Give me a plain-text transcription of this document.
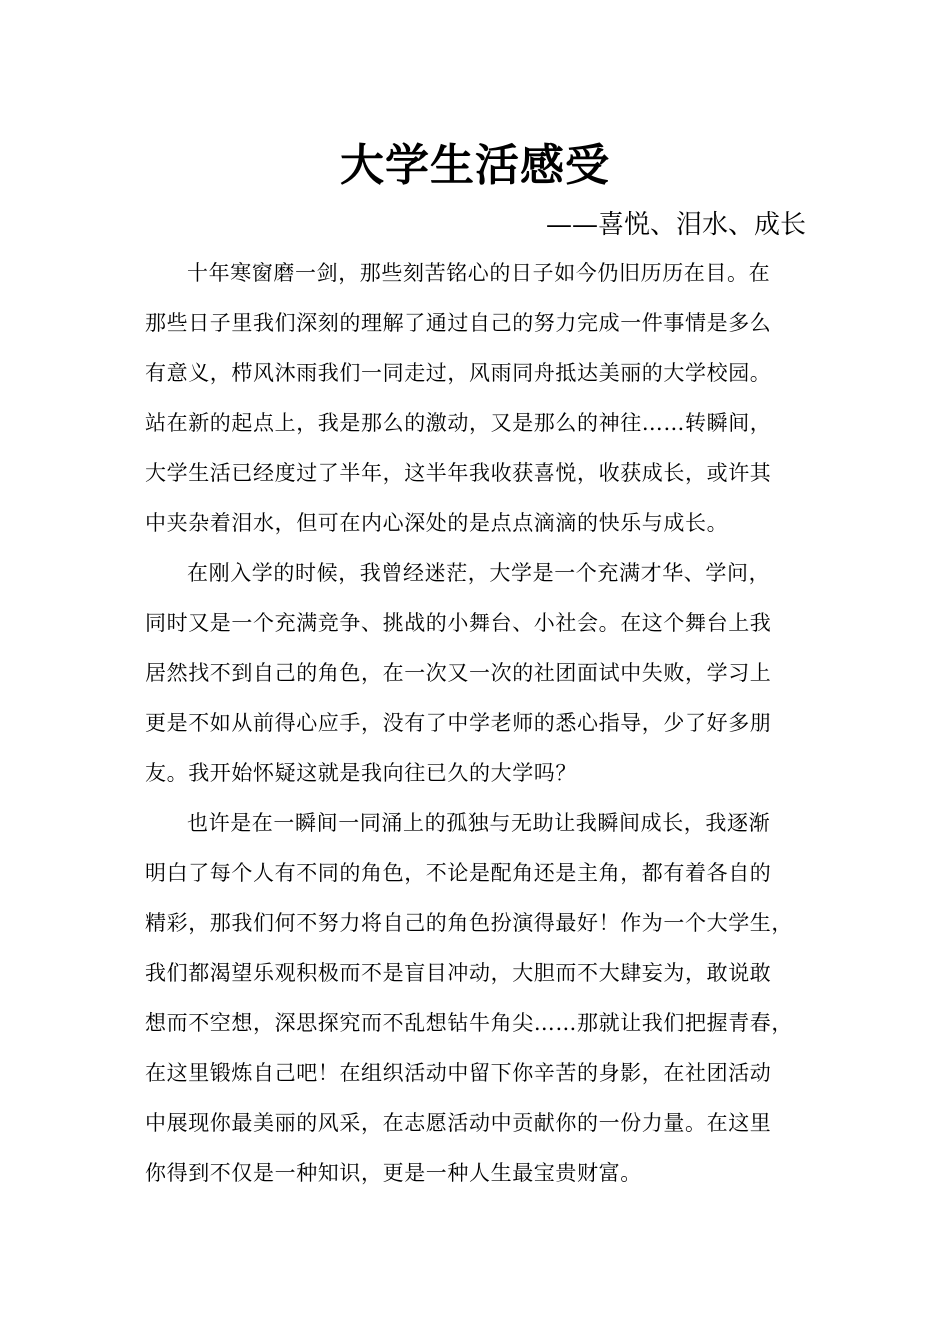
大学生活感受
——喜悦、泪水、成长
十年寒窗磨一剑，那些刻苦铭心的日子如今仍旧历历在目。在
那些日子里我们深刻的理解了通过自己的努力完成一件事情是多么
有意义，栉风沐雨我们一同走过，风雨同舟抵达美丽的大学校园。
站在新的起点上，我是那么的激动，又是那么的神往……转瞬间，
大学生活已经度过了半年，这半年我收获喜悦，收获成长，或许其
中夹杂着泪水，但可在内心深处的是点点滴滴的快乐与成长。
在刚入学的时候，我曾经迷茫，大学是一个充满才华、学问，
同时又是一个充满竞争、挑战的小舞台、小社会。在这个舞台上我
居然找不到自己的角色，在一次又一次的社团面试中失败，学习上
更是不如从前得心应手，没有了中学老师的悉心指导，少了好多朋
友。我开始怀疑这就是我向往已久的大学吗？
也许是在一瞬间一同涌上的孤独与无助让我瞬间成长，我逐渐
明白了每个人有不同的角色，不论是配角还是主角，都有着各自的
精彩，那我们何不努力将自己的角色扮演得最好！作为一个大学生，
我们都渴望乐观积极而不是盲目冲动，大胆而不大肆妄为，敢说敢
想而不空想，深思探究而不乱想钻牛角尖……那就让我们把握青春，
在这里锻炼自己吧！在组织活动中留下你辛苦的身影，在社团活动
中展现你最美丽的风采，在志愿活动中贡献你的一份力量。在这里
你得到不仅是一种知识，更是一种人生最宝贵财富。
